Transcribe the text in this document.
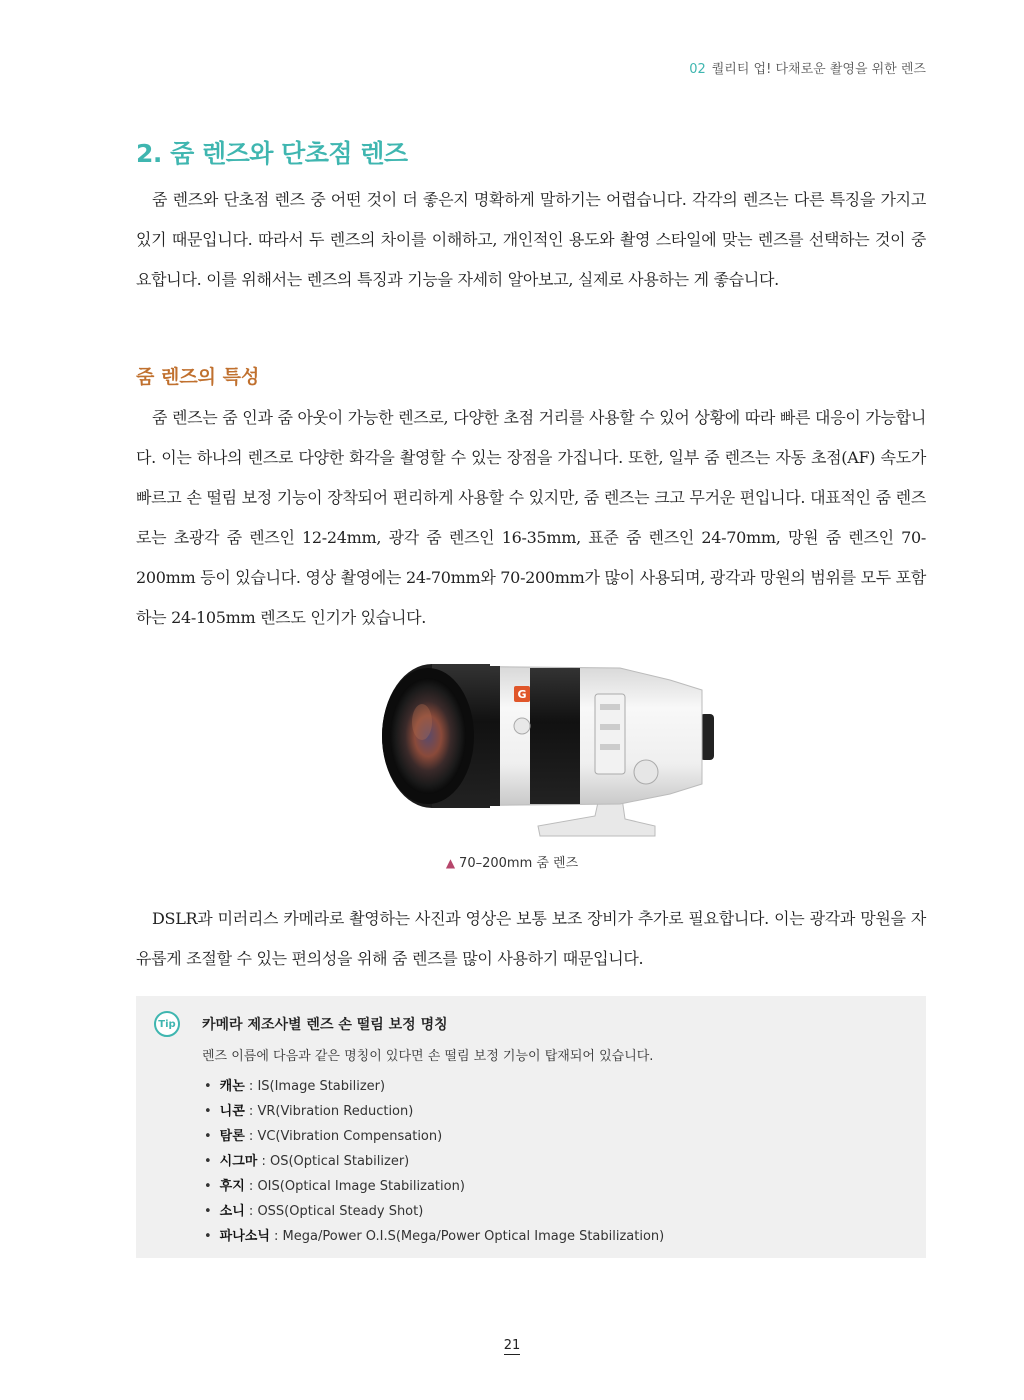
02 퀄리티 업! 다채로운 촬영을 위한 렌즈
2. 줌 렌즈와 단초점 렌즈

줌 렌즈와 단초점 렌즈 중 어떤 것이 더 좋은지 명확하게 말하기는 어렵습니다. 각각의 렌즈는 다른 특징을 가지고 있기 때문입니다. 따라서 두 렌즈의 차이를 이해하고, 개인적인 용도와 촬영 스타일에 맞는 렌즈를 선택하는 것이 중요합니다. 이를 위해서는 렌즈의 특징과 기능을 자세히 알아보고, 실제로 사용하는 게 좋습니다.

줌 렌즈의 특성

줌 렌즈는 줌 인과 줌 아웃이 가능한 렌즈로, 다양한 초점 거리를 사용할 수 있어 상황에 따라 빠른 대응이 가능합니다. 이는 하나의 렌즈로 다양한 화각을 촬영할 수 있는 장점을 가집니다. 또한, 일부 줌 렌즈는 자동 초점(AF) 속도가 빠르고 손 떨림 보정 기능이 장착되어 편리하게 사용할 수 있지만, 줌 렌즈는 크고 무거운 편입니다. 대표적인 줌 렌즈로는 초광각 줌 렌즈인 12-24mm, 광각 줌 렌즈인 16-35mm, 표준 줌 렌즈인 24-70mm, 망원 줌 렌즈인 70-200mm 등이 있습니다. 영상 촬영에는 24-70mm와 70-200mm가 많이 사용되며, 광각과 망원의 범위를 모두 포함하는 24-105mm 렌즈도 인기가 있습니다.

G
▲ 70–200mm 줌 렌즈

DSLR과 미러리스 카메라로 촬영하는 사진과 영상은 보통 보조 장비가 추가로 필요합니다. 이는 광각과 망원을 자유롭게 조절할 수 있는 편의성을 위해 줌 렌즈를 많이 사용하기 때문입니다.

Tip	카메라 제조사별 렌즈 손 떨림 보정 명칭

렌즈 이름에 다음과 같은 명칭이 있다면 손 떨림 보정 기능이 탑재되어 있습니다.

• 캐논 : IS(Image Stabilizer)
• 니콘 : VR(Vibration Reduction)
• 탐론 : VC(Vibration Compensation)
• 시그마 : OS(Optical Stabilizer)
• 후지 : OIS(Optical Image Stabilization)
• 소니 : OSS(Optical Steady Shot)
• 파나소닉 : Mega/Power O.I.S(Mega/Power Optical Image Stabilization)
21
